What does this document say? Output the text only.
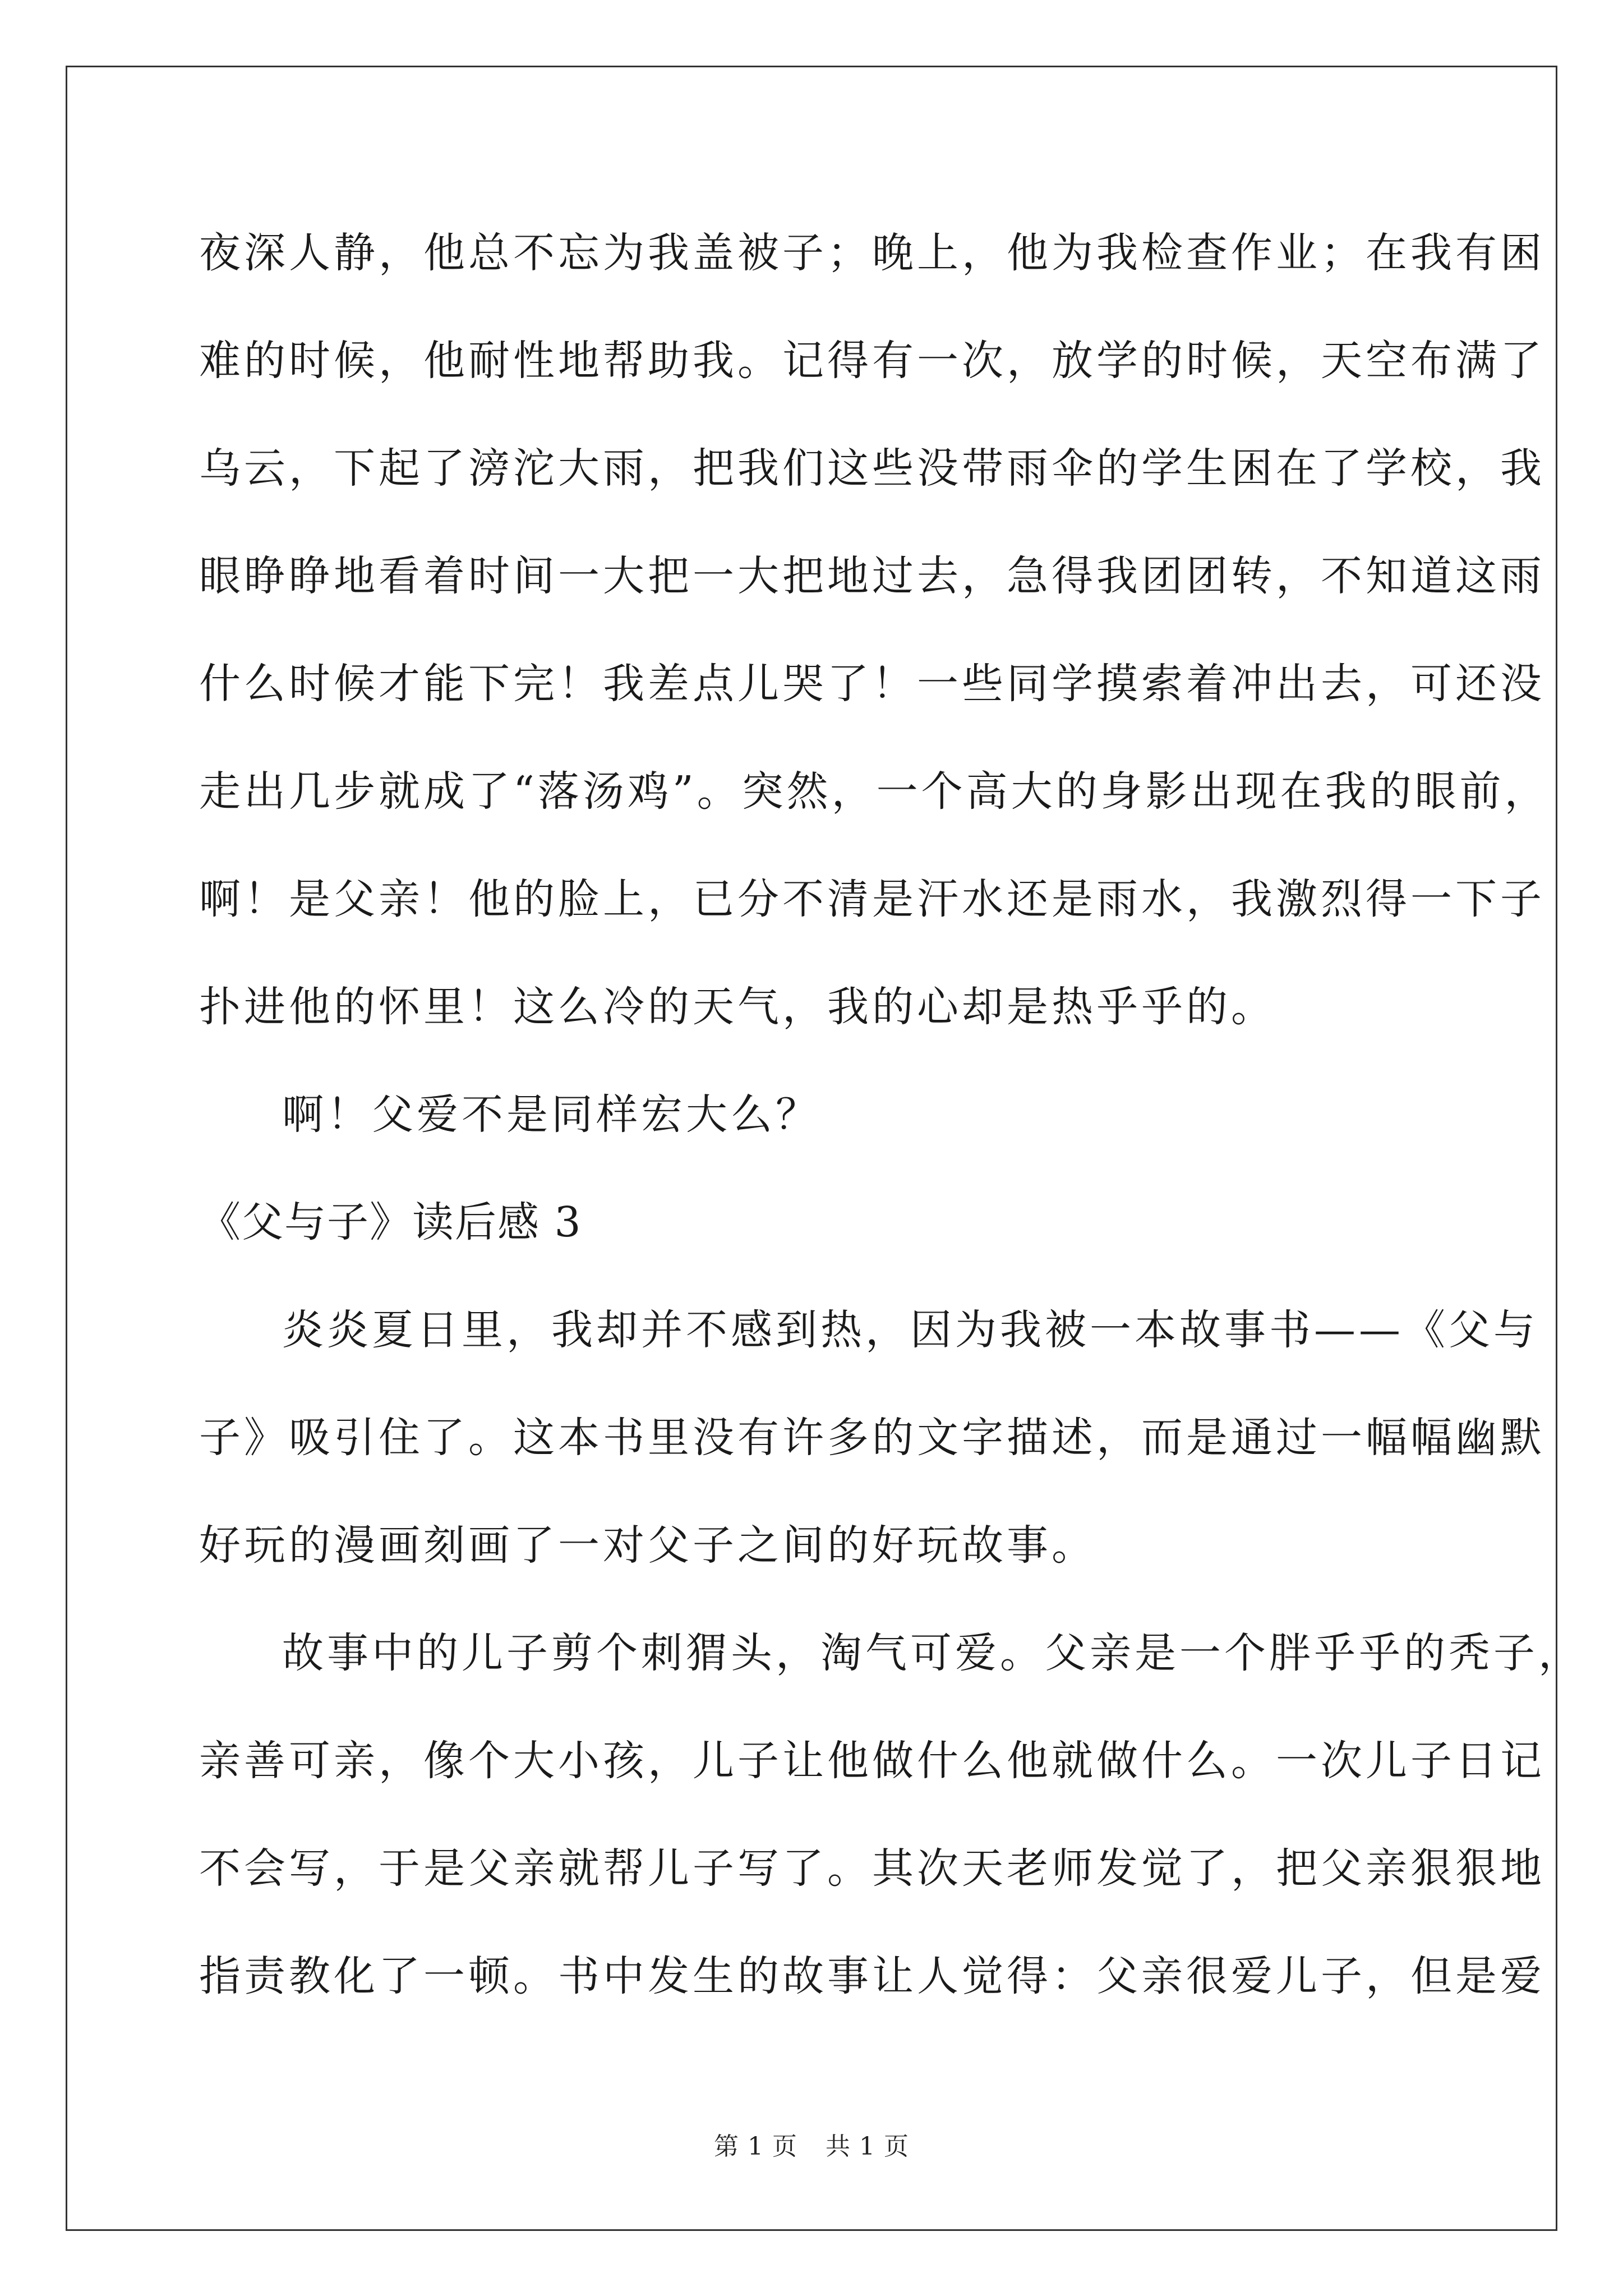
夜深人静，他总不忘为我盖被子；晚上，他为我检查作业；在我有困
难的时候，他耐性地帮助我。记得有一次，放学的时候，天空布满了
乌云，下起了滂沱大雨，把我们这些没带雨伞的学生困在了学校，我
眼睁睁地看着时间一大把一大把地过去，急得我团团转，不知道这雨
什么时候才能下完！我差点儿哭了！一些同学摸索着冲出去，可还没
走出几步就成了“落汤鸡”。突然，一个高大的身影出现在我的眼前，
啊！是父亲！他的脸上，已分不清是汗水还是雨水，我激烈得一下子
扑进他的怀里！这么冷的天气，我的心却是热乎乎的。
啊！父爱不是同样宏大么？
《父与子》读后感 3
炎炎夏日里，我却并不感到热，因为我被一本故事书——《父与
子》吸引住了。这本书里没有许多的文字描述，而是通过一幅幅幽默
好玩的漫画刻画了一对父子之间的好玩故事。
故事中的儿子剪个刺猬头，淘气可爱。父亲是一个胖乎乎的秃子，
亲善可亲，像个大小孩，儿子让他做什么他就做什么。一次儿子日记
不会写，于是父亲就帮儿子写了。其次天老师发觉了，把父亲狠狠地
指责教化了一顿。书中发生的故事让人觉得：父亲很爱儿子，但是爱
第 1 页 共 1 页
